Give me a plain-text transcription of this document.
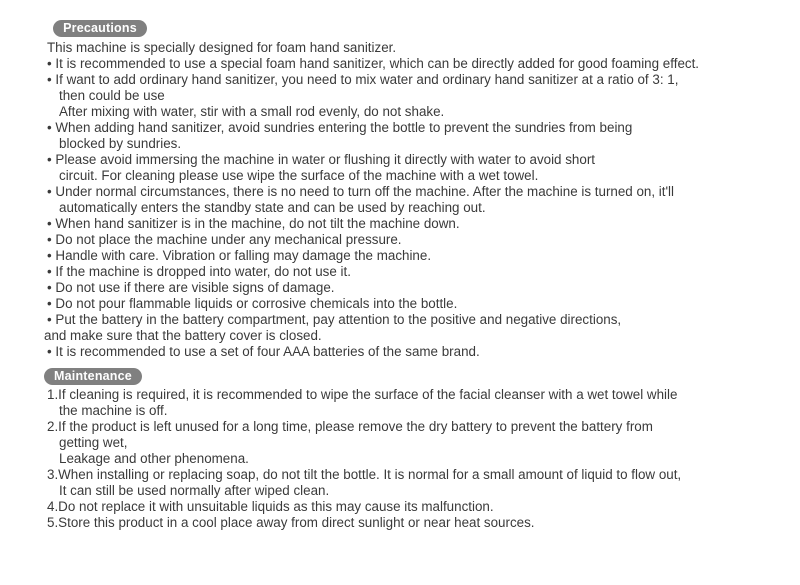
Precautions
This machine is specially designed for foam hand sanitizer.
• It is recommended to use a special foam hand sanitizer, which can be directly added for good foaming effect.
• If want to add ordinary hand sanitizer, you need to mix water and ordinary hand sanitizer at a ratio of 3: 1,
then could be use
After mixing with water, stir with a small rod evenly, do not shake.
• When adding hand sanitizer, avoid sundries entering the bottle to prevent the sundries from being
blocked by sundries.
• Please avoid immersing the machine in water or flushing it directly with water to avoid short
circuit. For cleaning please use wipe the surface of the machine with a wet towel.
• Under normal circumstances, there is no need to turn off the machine. After the machine is turned on, it'll
automatically enters the standby state and can be used by reaching out.
• When hand sanitizer is in the machine, do not tilt the machine down.
• Do not place the machine under any mechanical pressure.
• Handle with care. Vibration or falling may damage the machine.
• If the machine is dropped into water, do not use it.
• Do not use if there are visible signs of damage.
• Do not pour flammable liquids or corrosive chemicals into the bottle.
• Put the battery in the battery compartment, pay attention to the positive and negative directions,
and make sure that the battery cover is closed.
• It is recommended to use a set of four AAA batteries of the same brand.
Maintenance
1.If cleaning is required, it is recommended to wipe the surface of the facial cleanser with a wet towel while
the machine is off.
2.If the product is left unused for a long time, please remove the dry battery to prevent the battery from
getting wet,
Leakage and other phenomena.
3.When installing or replacing soap, do not tilt the bottle. It is normal for a small amount of liquid to flow out,
It can still be used normally after wiped clean.
4.Do not replace it with unsuitable liquids as this may cause its malfunction.
5.Store this product in a cool place away from direct sunlight or near heat sources.
